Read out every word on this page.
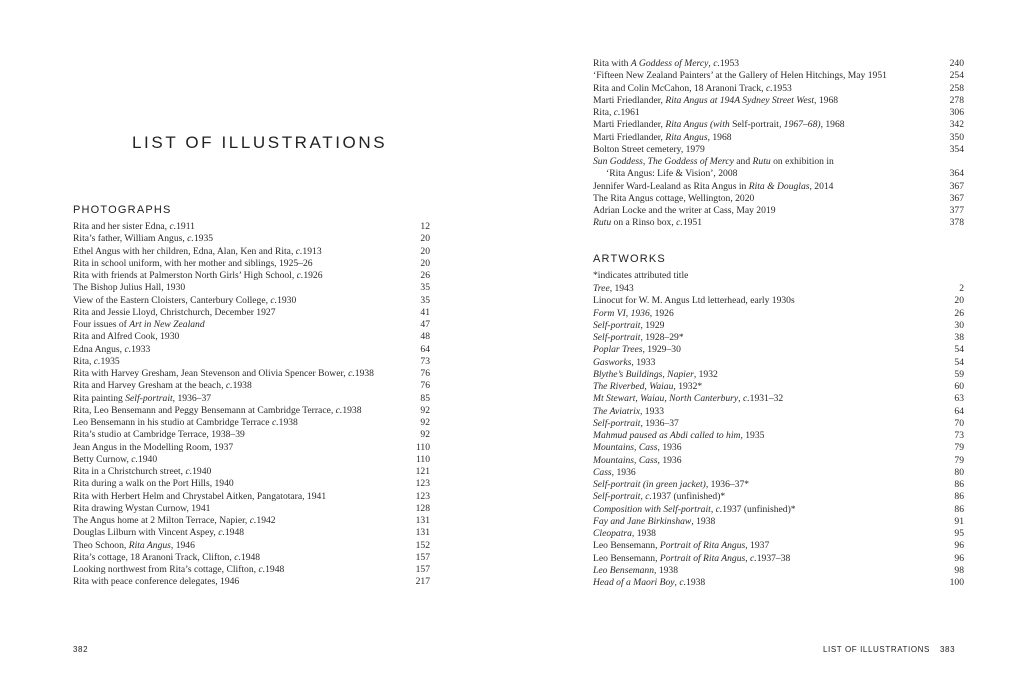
LIST OF ILLUSTRATIONS
PHOTOGRAPHS
Rita and her sister Edna, c.1911	12
Rita’s father, William Angus, c.1935	20
Ethel Angus with her children, Edna, Alan, Ken and Rita, c.1913	20
Rita in school uniform, with her mother and siblings, 1925–26	20
Rita with friends at Palmerston North Girls’ High School, c.1926	26
The Bishop Julius Hall, 1930	35
View of the Eastern Cloisters, Canterbury College, c.1930	35
Rita and Jessie Lloyd, Christchurch, December 1927	41
Four issues of Art in New Zealand	47
Rita and Alfred Cook, 1930	48
Edna Angus, c.1933	64
Rita, c.1935	73
Rita with Harvey Gresham, Jean Stevenson and Olivia Spencer Bower, c.1938	76
Rita and Harvey Gresham at the beach, c.1938	76
Rita painting Self-portrait, 1936–37	85
Rita, Leo Bensemann and Peggy Bensemann at Cambridge Terrace, c.1938	92
Leo Bensemann in his studio at Cambridge Terrace c.1938	92
Rita’s studio at Cambridge Terrace, 1938–39	92
Jean Angus in the Modelling Room, 1937	110
Betty Curnow, c.1940	110
Rita in a Christchurch street, c.1940	121
Rita during a walk on the Port Hills, 1940	123
Rita with Herbert Helm and Chrystabel Aitken, Pangatotara, 1941	123
Rita drawing Wystan Curnow, 1941	128
The Angus home at 2 Milton Terrace, Napier, c.1942	131
Douglas Lilburn with Vincent Aspey, c.1948	131
Theo Schoon, Rita Angus, 1946	152
Rita’s cottage, 18 Aranoni Track, Clifton, c.1948	157
Looking northwest from Rita’s cottage, Clifton, c.1948	157
Rita with peace conference delegates, 1946	217
382
Rita with A Goddess of Mercy, c.1953	240
‘Fifteen New Zealand Painters’ at the Gallery of Helen Hitchings, May 1951	254
Rita and Colin McCahon, 18 Aranoni Track, c.1953	258
Marti Friedlander, Rita Angus at 194A Sydney Street West, 1968	278
Rita, c.1961	306
Marti Friedlander, Rita Angus (with Self-portrait, 1967–68), 1968	342
Marti Friedlander, Rita Angus, 1968	350
Bolton Street cemetery, 1979	354
Sun Goddess, The Goddess of Mercy and Rutu on exhibition in
‘Rita Angus: Life & Vision’, 2008	364
Jennifer Ward-Lealand as Rita Angus in Rita & Douglas, 2014	367
The Rita Angus cottage, Wellington, 2020	367
Adrian Locke and the writer at Cass, May 2019	377
Rutu on a Rinso box, c.1951	378
ARTWORKS

*indicates attributed title

Tree, 1943	2
Linocut for W. M. Angus Ltd letterhead, early 1930s	20
Form VI, 1936, 1926	26
Self-portrait, 1929	30
Self-portrait, 1928–29*	38
Poplar Trees, 1929–30	54
Gasworks, 1933	54
Blythe’s Buildings, Napier, 1932	59
The Riverbed, Waiau, 1932*	60
Mt Stewart, Waiau, North Canterbury, c.1931–32	63
The Aviatrix, 1933	64
Self-portrait, 1936–37	70
Mahmud paused as Abdi called to him, 1935	73
Mountains, Cass, 1936	79
Mountains, Cass, 1936	79
Cass, 1936	80
Self-portrait (in green jacket), 1936–37*	86
Self-portrait, c.1937 (unfinished)*	86
Composition with Self-portrait, c.1937 (unfinished)*	86
Fay and Jane Birkinshaw, 1938	91
Cleopatra, 1938	95
Leo Bensemann, Portrait of Rita Angus, 1937	96
Leo Bensemann, Portrait of Rita Angus, c.1937–38	96
Leo Bensemann, 1938	98
Head of a Maori Boy, c.1938	100
LIST OF ILLUSTRATIONS 383
